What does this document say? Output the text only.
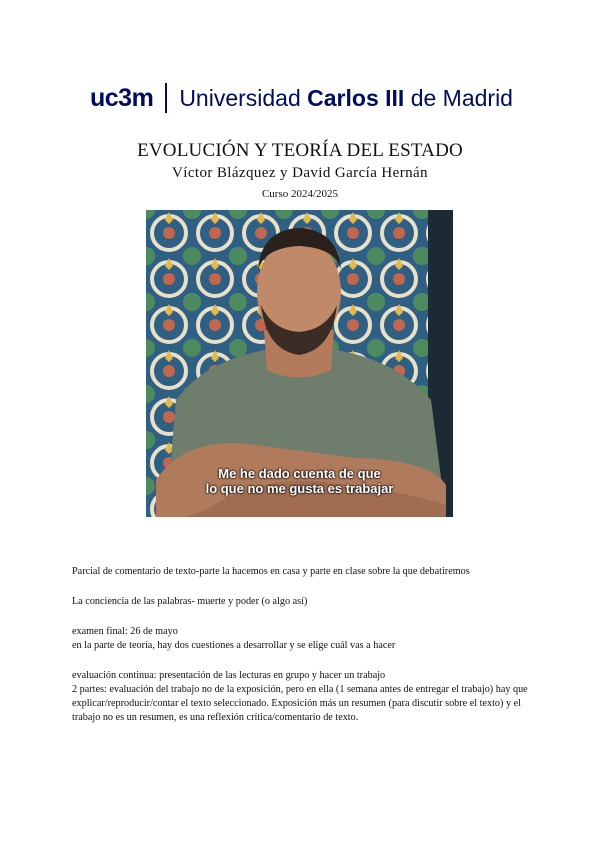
uc3m Universidad Carlos III de Madrid
EVOLUCIÓN Y TEORÍA DEL ESTADO
Víctor Blázquez y David García Hernán
Curso 2024/2025
Me he dado cuenta de que
lo que no me gusta es trabajar

Parcial de comentario de texto-parte la hacemos en casa y parte en clase sobre la que debatiremos

La conciencia de las palabras- muerte y poder (o algo así)

examen final: 26 de mayo

en la parte de teoría, hay dos cuestiones a desarrollar y se elige cuál vas a hacer

evaluación continua: presentación de las lecturas en grupo y hacer un trabajo

2 partes: evaluación del trabajo no de la exposición, pero en ella (1 semana antes de entregar el trabajo) hay que explicar/reproducir/contar el texto seleccionado. Exposición más un resumen (para discutir sobre el texto) y el trabajo no es un resumen, es una reflexión crítica/comentario de texto.
